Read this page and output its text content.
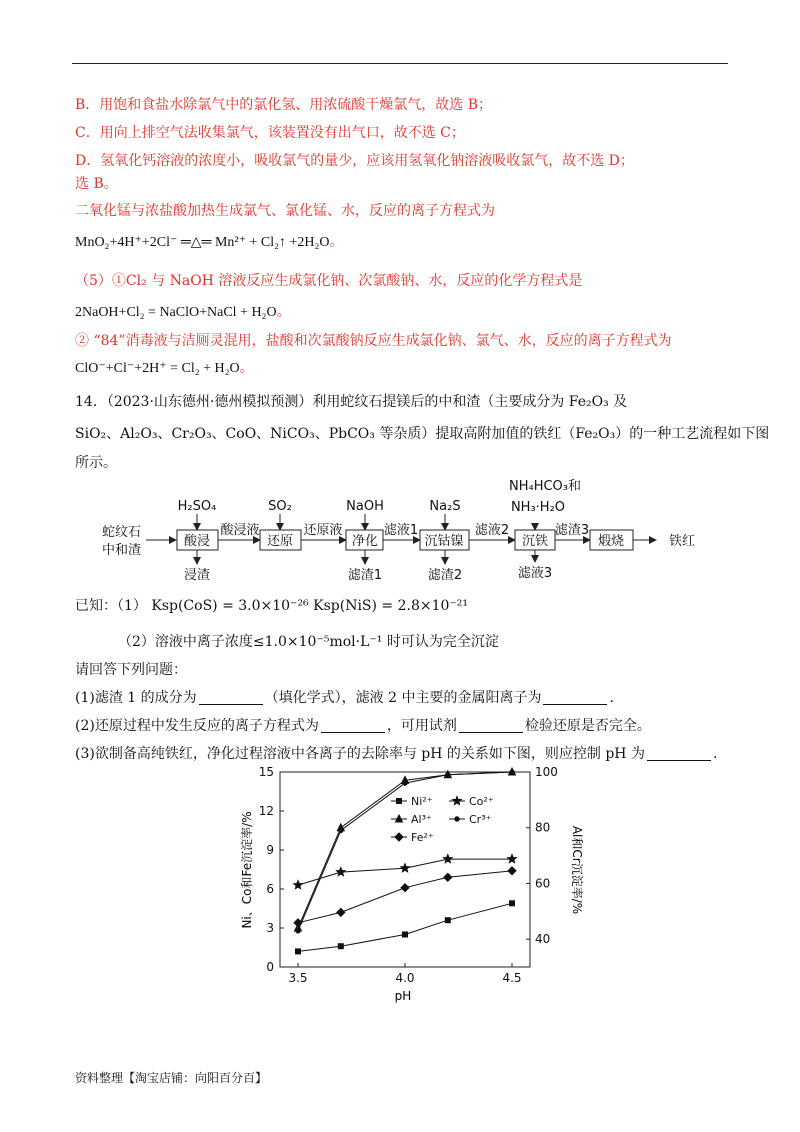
B．用饱和食盐水除氯气中的氯化氢、用浓硫酸干燥氯气，故选 B；
C．用向上排空气法收集氯气，该装置没有出气口，故不选 C；
D．氢氧化钙溶液的浓度小，吸收氯气的量少，应该用氢氧化钠溶液吸收氯气，故不选 D；
选 B。
二氧化锰与浓盐酸加热生成氯气、氯化锰、水，反应的离子方程式为
MnO₂+4H⁺+2Cl⁻ ═△═ Mn²⁺ + Cl₂↑ +2H₂O。
（5）①Cl₂ 与 NaOH 溶液反应生成氯化钠、次氯酸钠、水，反应的化学方程式是
2NaOH+Cl₂ = NaClO+NaCl + H₂O。
② “84”消毒液与洁厕灵混用，盐酸和次氯酸钠反应生成氯化钠、氯气、水，反应的离子方程式为
ClO⁻+Cl⁻+2H⁺ = Cl₂ + H₂O。
14．（2023·山东德州·德州模拟预测）利用蛇纹石提镁后的中和渣（主要成分为 Fe₂O₃ 及
SiO₂、Al₂O₃、Cr₂O₃、CoO、NiCO₃、PbCO₃ 等杂质）提取高附加值的铁红（Fe₂O₃）的一种工艺流程如下图
所示。
蛇纹石
中和渣
酸浸	还原	净化	沉钴镍	沉铁	煅烧
H₂SO₄	SO₂	NaOH	Na₂S
NH₄HCO₃和
NH₃·H₂O
酸浸液	还原液	滤液1	滤液2	滤渣3
铁红
浸渣	滤渣1	滤渣2	滤液3
已知：（1） Ksp(CoS) = 3.0×10⁻²⁶ Ksp(NiS) = 2.8×10⁻²¹
（2）溶液中离子浓度≤1.0×10⁻⁵mol·L⁻¹ 时可认为完全沉淀
请回答下列问题：
(1)滤渣 1 的成分为	（填化学式），滤液 2 中主要的金属阳离子为	.
(2)还原过程中发生反应的离子方程式为	，可用试剂	检验还原是否完全。
(3)欲制备高纯铁红，净化过程溶液中各离子的去除率与 pH 的关系如下图，则应控制 pH 为	.
3.5	4.0	4.5
0
3
6
9
12
15
40
60
80
100
pH
Ni、Co和Fe沉淀率/%	Al和Cr沉淀率/%
Ni²⁺	Co²⁺
Al³⁺	Cr³⁺
Fe²⁺
资料整理【淘宝店铺：向阳百分百】
